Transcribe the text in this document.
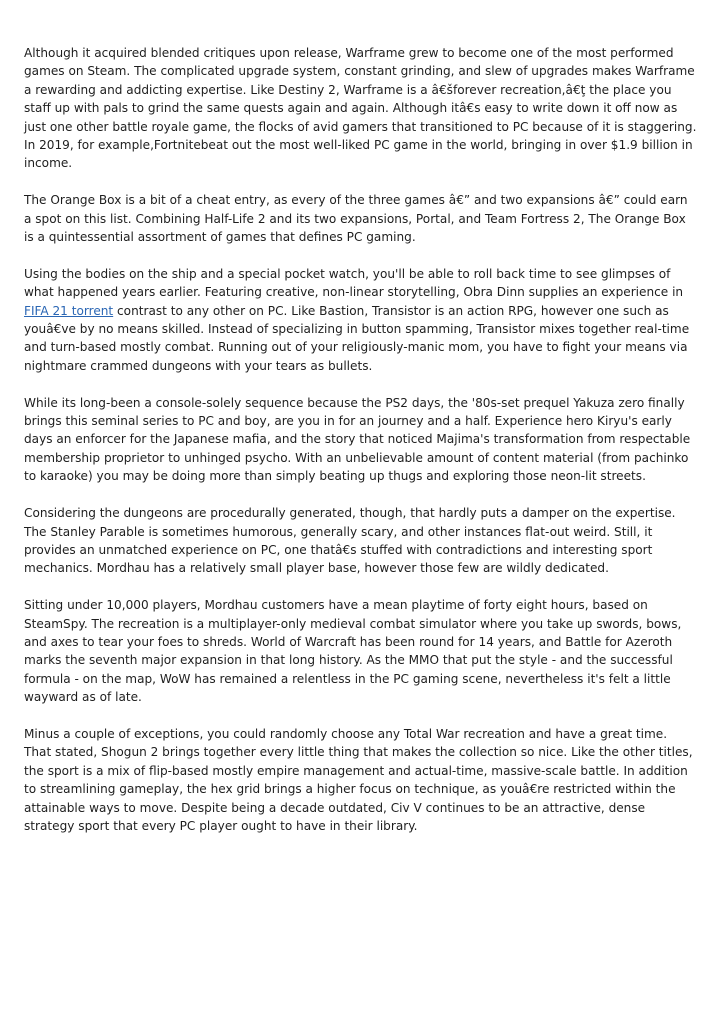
Although it acquired blended critiques upon release, Warframe grew to become one of the most performed games on Steam. The complicated upgrade system, constant grinding, and slew of upgrades makes Warframe a rewarding and addicting expertise. Like Destiny 2, Warframe is a â€šforever recreation,â€ţ the place you staff up with pals to grind the same quests again and again. Although itâ€s easy to write down it off now as just one other battle royale game, the flocks of avid gamers that transitioned to PC because of it is staggering. In 2019, for example,Fortnitebeat out the most well-liked PC game in the world, bringing in over $1.9 billion in income.

The Orange Box is a bit of a cheat entry, as every of the three games â€” and two expansions â€” could earn a spot on this list. Combining Half-Life 2 and its two expansions, Portal, and Team Fortress 2, The Orange Box is a quintessential assortment of games that defines PC gaming.

Using the bodies on the ship and a special pocket watch, you'll be able to roll back time to see glimpses of what happened years earlier. Featuring creative, non-linear storytelling, Obra Dinn supplies an experience in FIFA 21 torrent contrast to any other on PC. Like Bastion, Transistor is an action RPG, however one such as youâ€ve by no means skilled. Instead of specializing in button spamming, Transistor mixes together real-time and turn-based mostly combat. Running out of your religiously-manic mom, you have to fight your means via nightmare crammed dungeons with your tears as bullets.

While its long-been a console-solely sequence because the PS2 days, the '80s-set prequel Yakuza zero finally brings this seminal series to PC and boy, are you in for an journey and a half. Experience hero Kiryu's early days an enforcer for the Japanese mafia, and the story that noticed Majima's transformation from respectable membership proprietor to unhinged psycho. With an unbelievable amount of content material (from pachinko to karaoke) you may be doing more than simply beating up thugs and exploring those neon-lit streets.

Considering the dungeons are procedurally generated, though, that hardly puts a damper on the expertise. The Stanley Parable is sometimes humorous, generally scary, and other instances flat-out weird. Still, it provides an unmatched experience on PC, one thatâ€s stuffed with contradictions and interesting sport mechanics. Mordhau has a relatively small player base, however those few are wildly dedicated.

Sitting under 10,000 players, Mordhau customers have a mean playtime of forty eight hours, based on SteamSpy. The recreation is a multiplayer-only medieval combat simulator where you take up swords, bows, and axes to tear your foes to shreds. World of Warcraft has been round for 14 years, and Battle for Azeroth marks the seventh major expansion in that long history. As the MMO that put the style - and the successful formula - on the map, WoW has remained a relentless in the PC gaming scene, nevertheless it's felt a little wayward as of late.

Minus a couple of exceptions, you could randomly choose any Total War recreation and have a great time. That stated, Shogun 2 brings together every little thing that makes the collection so nice. Like the other titles, the sport is a mix of flip-based mostly empire management and actual-time, massive-scale battle. In addition to streamlining gameplay, the hex grid brings a higher focus on technique, as youâ€re restricted within the attainable ways to move. Despite being a decade outdated, Civ V continues to be an attractive, dense strategy sport that every PC player ought to have in their library.
